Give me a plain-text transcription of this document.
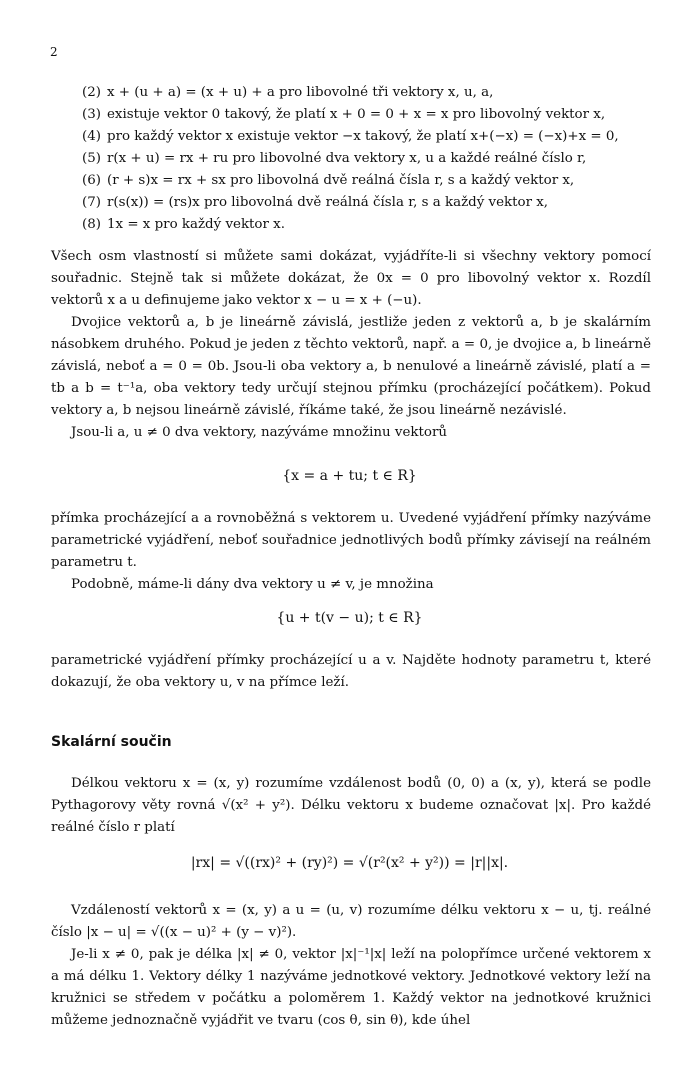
2
(2) x + (u + a) = (x + u) + a pro libovolné tři vektory x, u, a,
(3) existuje vektor 0 takový, že platí x + 0 = 0 + x = x pro libovolný vektor x,
(4) pro každý vektor x existuje vektor −x takový, že platí x+(−x) = (−x)+x = 0,
(5) r(x + u) = rx + ru pro libovolné dva vektory x, u a každé reálné číslo r,
(6) (r + s)x = rx + sx pro libovolná dvě reálná čísla r, s a každý vektor x,
(7) r(s(x)) = (rs)x pro libovolná dvě reálná čísla r, s a každý vektor x,
(8) 1x = x pro každý vektor x.

Všech osm vlastností si můžete sami dokázat, vyjádříte-li si všechny vektory pomocí souřadnic. Stejně tak si můžete dokázat, že 0x = 0 pro libovolný vektor x. Rozdíl vektorů x a u definujeme jako vektor x − u = x + (−u).

Dvojice vektorů a, b je lineárně závislá, jestliže jeden z vektorů a, b je skalárním násobkem druhého. Pokud je jeden z těchto vektorů, např. a = 0, je dvojice a, b lineárně závislá, neboť a = 0 = 0b. Jsou-li oba vektory a, b nenulové a lineárně závislé, platí a = tb a b = t⁻¹a, oba vektory tedy určují stejnou přímku (procházející počátkem). Pokud vektory a, b nejsou lineárně závislé, říkáme také, že jsou lineárně nezávislé.

Jsou-li a, u ≠ 0 dva vektory, nazýváme množinu vektorů

{x = a + tu; t ∈ R}

přímka procházející a a rovnoběžná s vektorem u. Uvedené vyjádření přímky nazýváme parametrické vyjádření, neboť souřadnice jednotlivých bodů přímky závisejí na reálném parametru t.

Podobně, máme-li dány dva vektory u ≠ v, je množina

{u + t(v − u); t ∈ R}

parametrické vyjádření přímky procházející u a v. Najděte hodnoty parametru t, které dokazují, že oba vektory u, v na přímce leží.

Skalární součin

Délkou vektoru x = (x, y) rozumíme vzdálenost bodů (0, 0) a (x, y), která se podle Pythagorovy věty rovná √(x² + y²). Délku vektoru x budeme označovat |x|. Pro každé reálné číslo r platí

|rx| = √((rx)² + (ry)²) = √(r²(x² + y²)) = |r||x|.

Vzdáleností vektorů x = (x, y) a u = (u, v) rozumíme délku vektoru x − u, tj. reálné číslo |x − u| = √((x − u)² + (y − v)²).

Je-li x ≠ 0, pak je délka |x| ≠ 0, vektor |x|⁻¹|x| leží na polopřímce určené vektorem x a má délku 1. Vektory délky 1 nazýváme jednotkové vektory. Jednotkové vektory leží na kružnici se středem v počátku a poloměrem 1. Každý vektor na jednotkové kružnici můžeme jednoznačně vyjádřit ve tvaru (cos θ, sin θ), kde úhel
